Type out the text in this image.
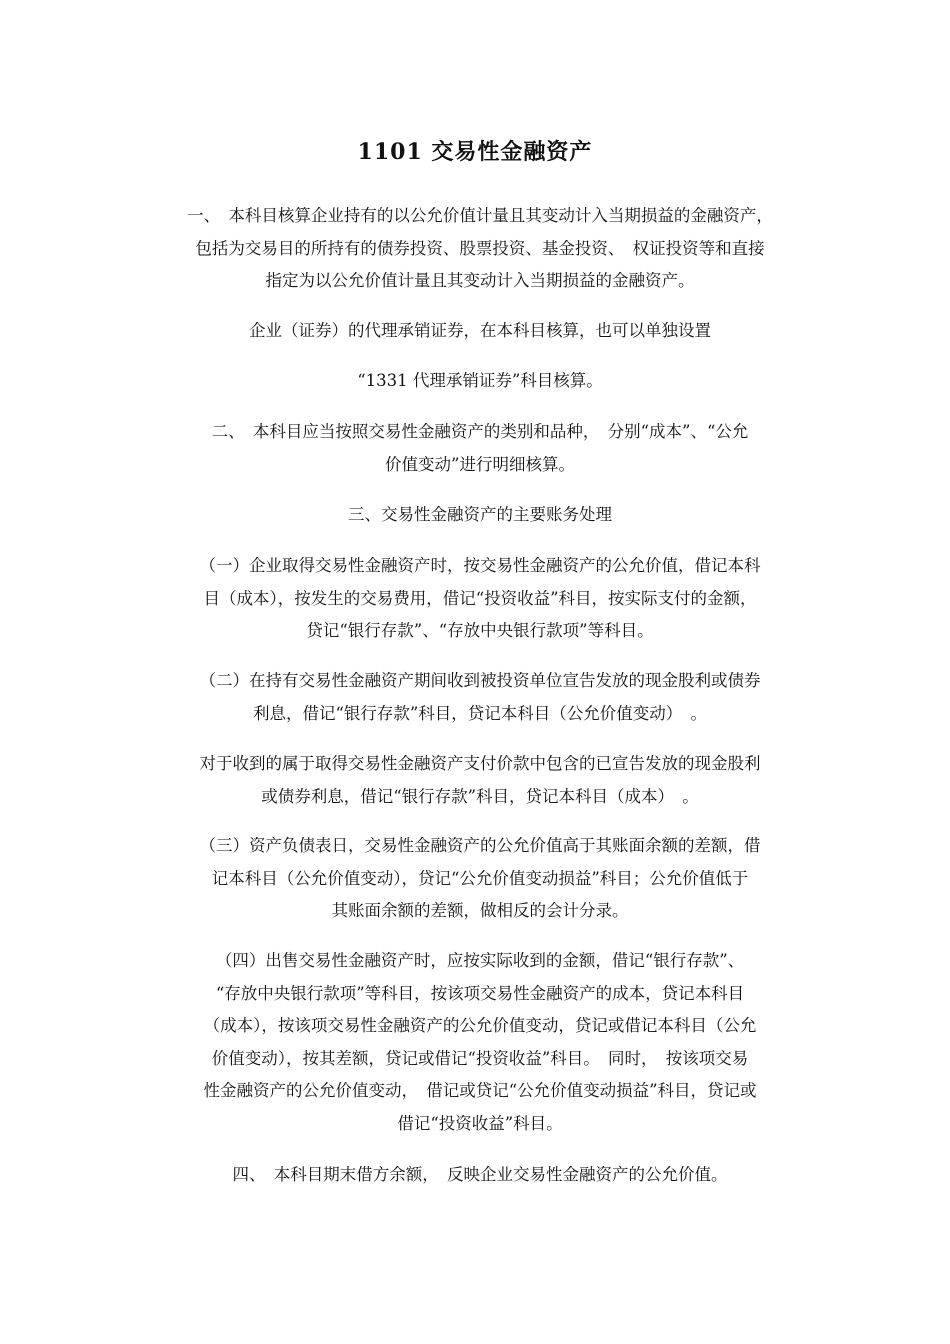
1101 交易性金融资产
一、　本科目核算企业持有的以公允价值计量且其变动计入当期损益的金融资产，
包括为交易目的所持有的债券投资、股票投资、基金投资、　权证投资等和直接
指定为以公允价值计量且其变动计入当期损益的金融资产。
企业（证券）的代理承销证券，在本科目核算，也可以单独设置
“1331 代理承销证券”科目核算。
二、　本科目应当按照交易性金融资产的类别和品种，　分别“成本”、“公允
价值变动”进行明细核算。
三、交易性金融资产的主要账务处理
（一）企业取得交易性金融资产时，按交易性金融资产的公允价值，借记本科
目（成本），按发生的交易费用，借记“投资收益”科目，按实际支付的金额，
贷记“银行存款”、“存放中央银行款项”等科目。
（二）在持有交易性金融资产期间收到被投资单位宣告发放的现金股利或债券
利息，借记“银行存款”科目，贷记本科目（公允价值变动）　。
对于收到的属于取得交易性金融资产支付价款中包含的已宣告发放的现金股利
或债券利息，借记“银行存款”科目，贷记本科目（成本）　。
（三）资产负债表日，交易性金融资产的公允价值高于其账面余额的差额，借
记本科目（公允价值变动），贷记“公允价值变动损益”科目；公允价值低于
其账面余额的差额，做相反的会计分录。
（四）出售交易性金融资产时，应按实际收到的金额，借记“银行存款”、
“存放中央银行款项”等科目，按该项交易性金融资产的成本，贷记本科目
（成本），按该项交易性金融资产的公允价值变动，贷记或借记本科目（公允
价值变动），按其差额，贷记或借记“投资收益”科目。　同时，　按该项交易
性金融资产的公允价值变动，　借记或贷记“公允价值变动损益”科目，贷记或
借记“投资收益”科目。
四、　本科目期末借方余额，　反映企业交易性金融资产的公允价值。
